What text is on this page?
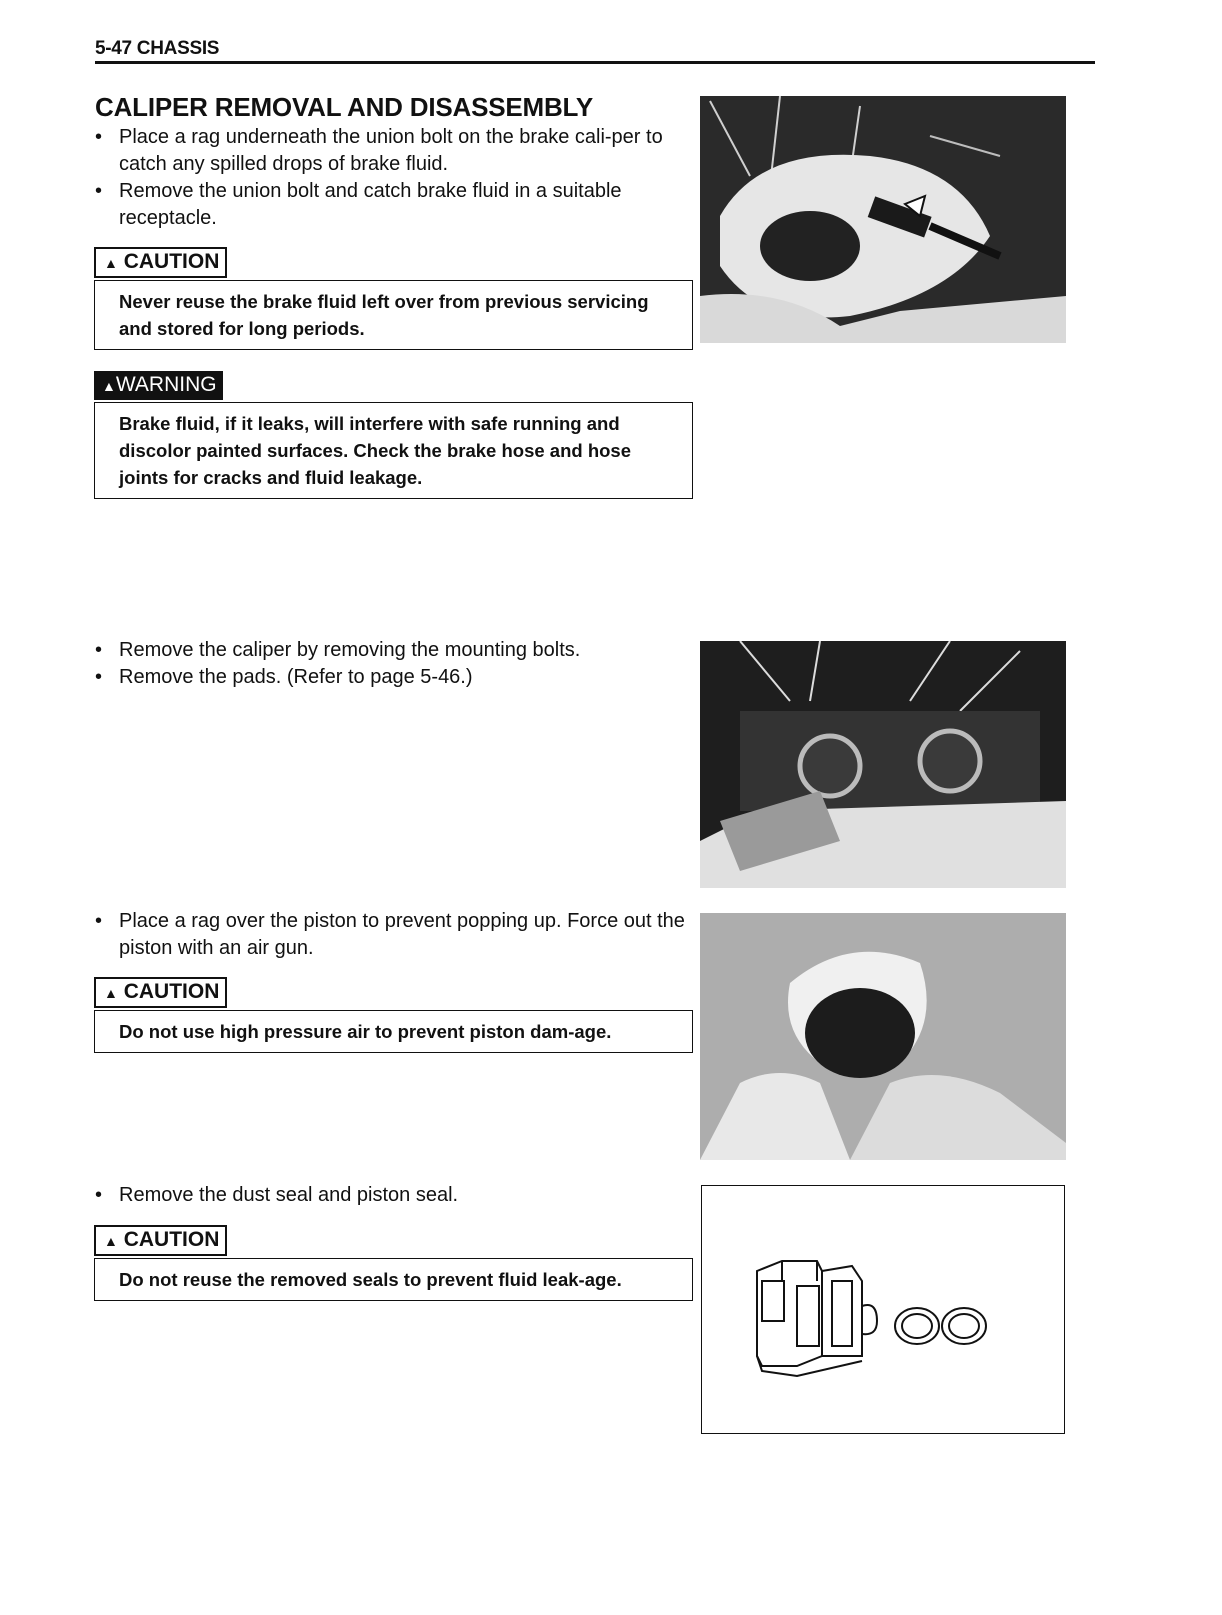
5-47 CHASSIS
CALIPER REMOVAL AND DISASSEMBLY
• Place a rag underneath the union bolt on the brake cali-per to catch any spilled drops of brake fluid.
• Remove the union bolt and catch brake fluid in a suitable receptacle.
▲ CAUTION
Never reuse the brake fluid left over from previous servicing and stored for long periods.
▲WARNING
Brake fluid, if it leaks, will interfere with safe running and discolor painted surfaces. Check the brake hose and hose joints for cracks and fluid leakage.
• Remove the caliper by removing the mounting bolts.
• Remove the pads. (Refer to page 5-46.)
• Place a rag over the piston to prevent popping up. Force out the piston with an air gun.
▲ CAUTION
Do not use high pressure air to prevent piston dam-age.
• Remove the dust seal and piston seal.
▲ CAUTION
Do not reuse the removed seals to prevent fluid leak-age.
